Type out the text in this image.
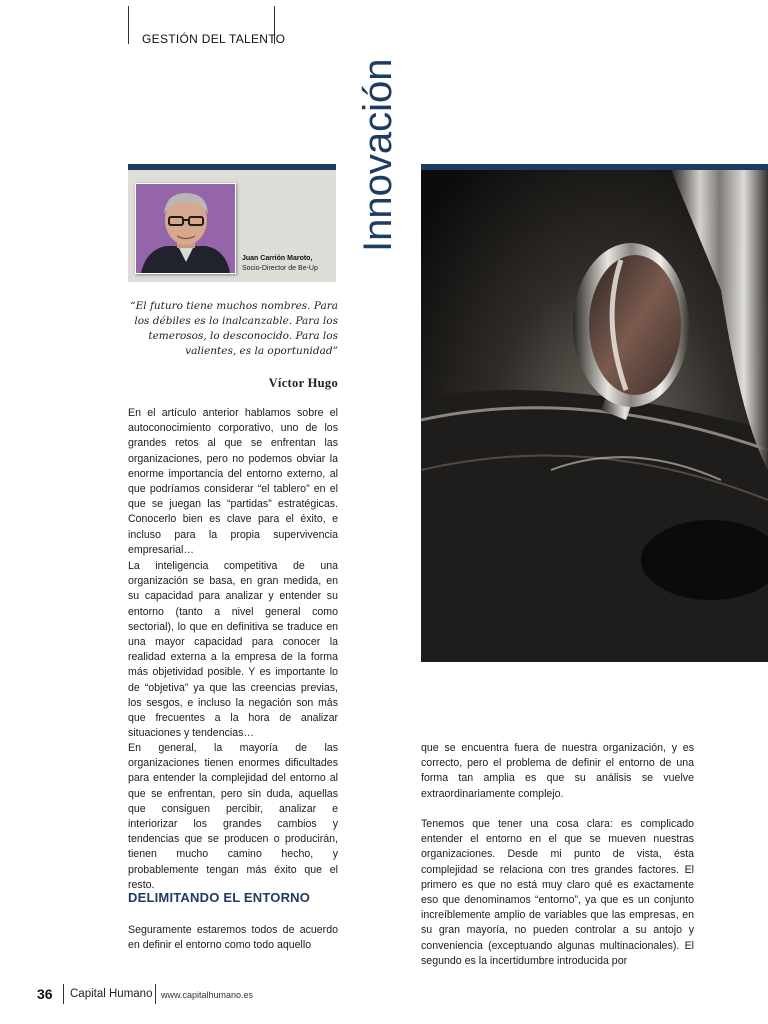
GESTIÓN DEL TALENTO
Innovación
Juan Carrión Maroto,
Socio-Director de Be-Up
“El futuro tiene muchos nombres. Para los débiles es lo inalcanzable. Para los temerosos, lo desconocido. Para los valientes, es la oportunidad”
Víctor Hugo

En el artículo anterior hablamos sobre el autoconocimiento corporativo, uno de los grandes retos al que se enfrentan las organizaciones, pero no podemos obviar la enorme importancia del entorno externo, al que podríamos considerar “el tablero” en el que se juegan las “partidas” estratégicas. Conocerlo bien es clave para el éxito, e incluso para la propia supervivencia empresarial…

La inteligencia competitiva de una organización se basa, en gran medida, en su capacidad para analizar y entender su entorno (tanto a nivel general como sectorial), lo que en definitiva se traduce en una mayor capacidad para conocer la realidad externa a la empresa de la forma más objetividad posible. Y es importante lo de “objetiva” ya que las creencias previas, los sesgos, e incluso la negación son más que frecuentes a la hora de analizar situaciones y tendencias…

En general, la mayoría de las organizaciones tienen enormes dificultades para entender la complejidad del entorno al que se enfrentan, pero sin duda, aquellas que consiguen percibir, analizar e interiorizar los grandes cambios y tendencias que se producen o producirán, tienen mucho camino hecho, y probablemente tengan más éxito que el resto.

DELIMITANDO EL ENTORNO

Seguramente estaremos todos de acuerdo en definir el entorno como todo aquello

que se encuentra fuera de nuestra organización, y es correcto, pero el problema de definir el entorno de una forma tan amplia es que su análisis se vuelve extraordinariamente complejo.

Tenemos que tener una cosa clara: es complicado entender el entorno en el que se mueven nuestras organizaciones. Desde mi punto de vista, ésta complejidad se relaciona con tres grandes factores. El primero es que no está muy claro qué es exactamente eso que denominamos “entorno”, ya que es un conjunto increíblemente amplio de variables que las empresas, en su gran mayoría, no pueden controlar a su antojo y conveniencia (exceptuando algunas multinacionales). El segundo es la incertidumbre introducida por

36 Capital Humano www.capitalhumano.es
